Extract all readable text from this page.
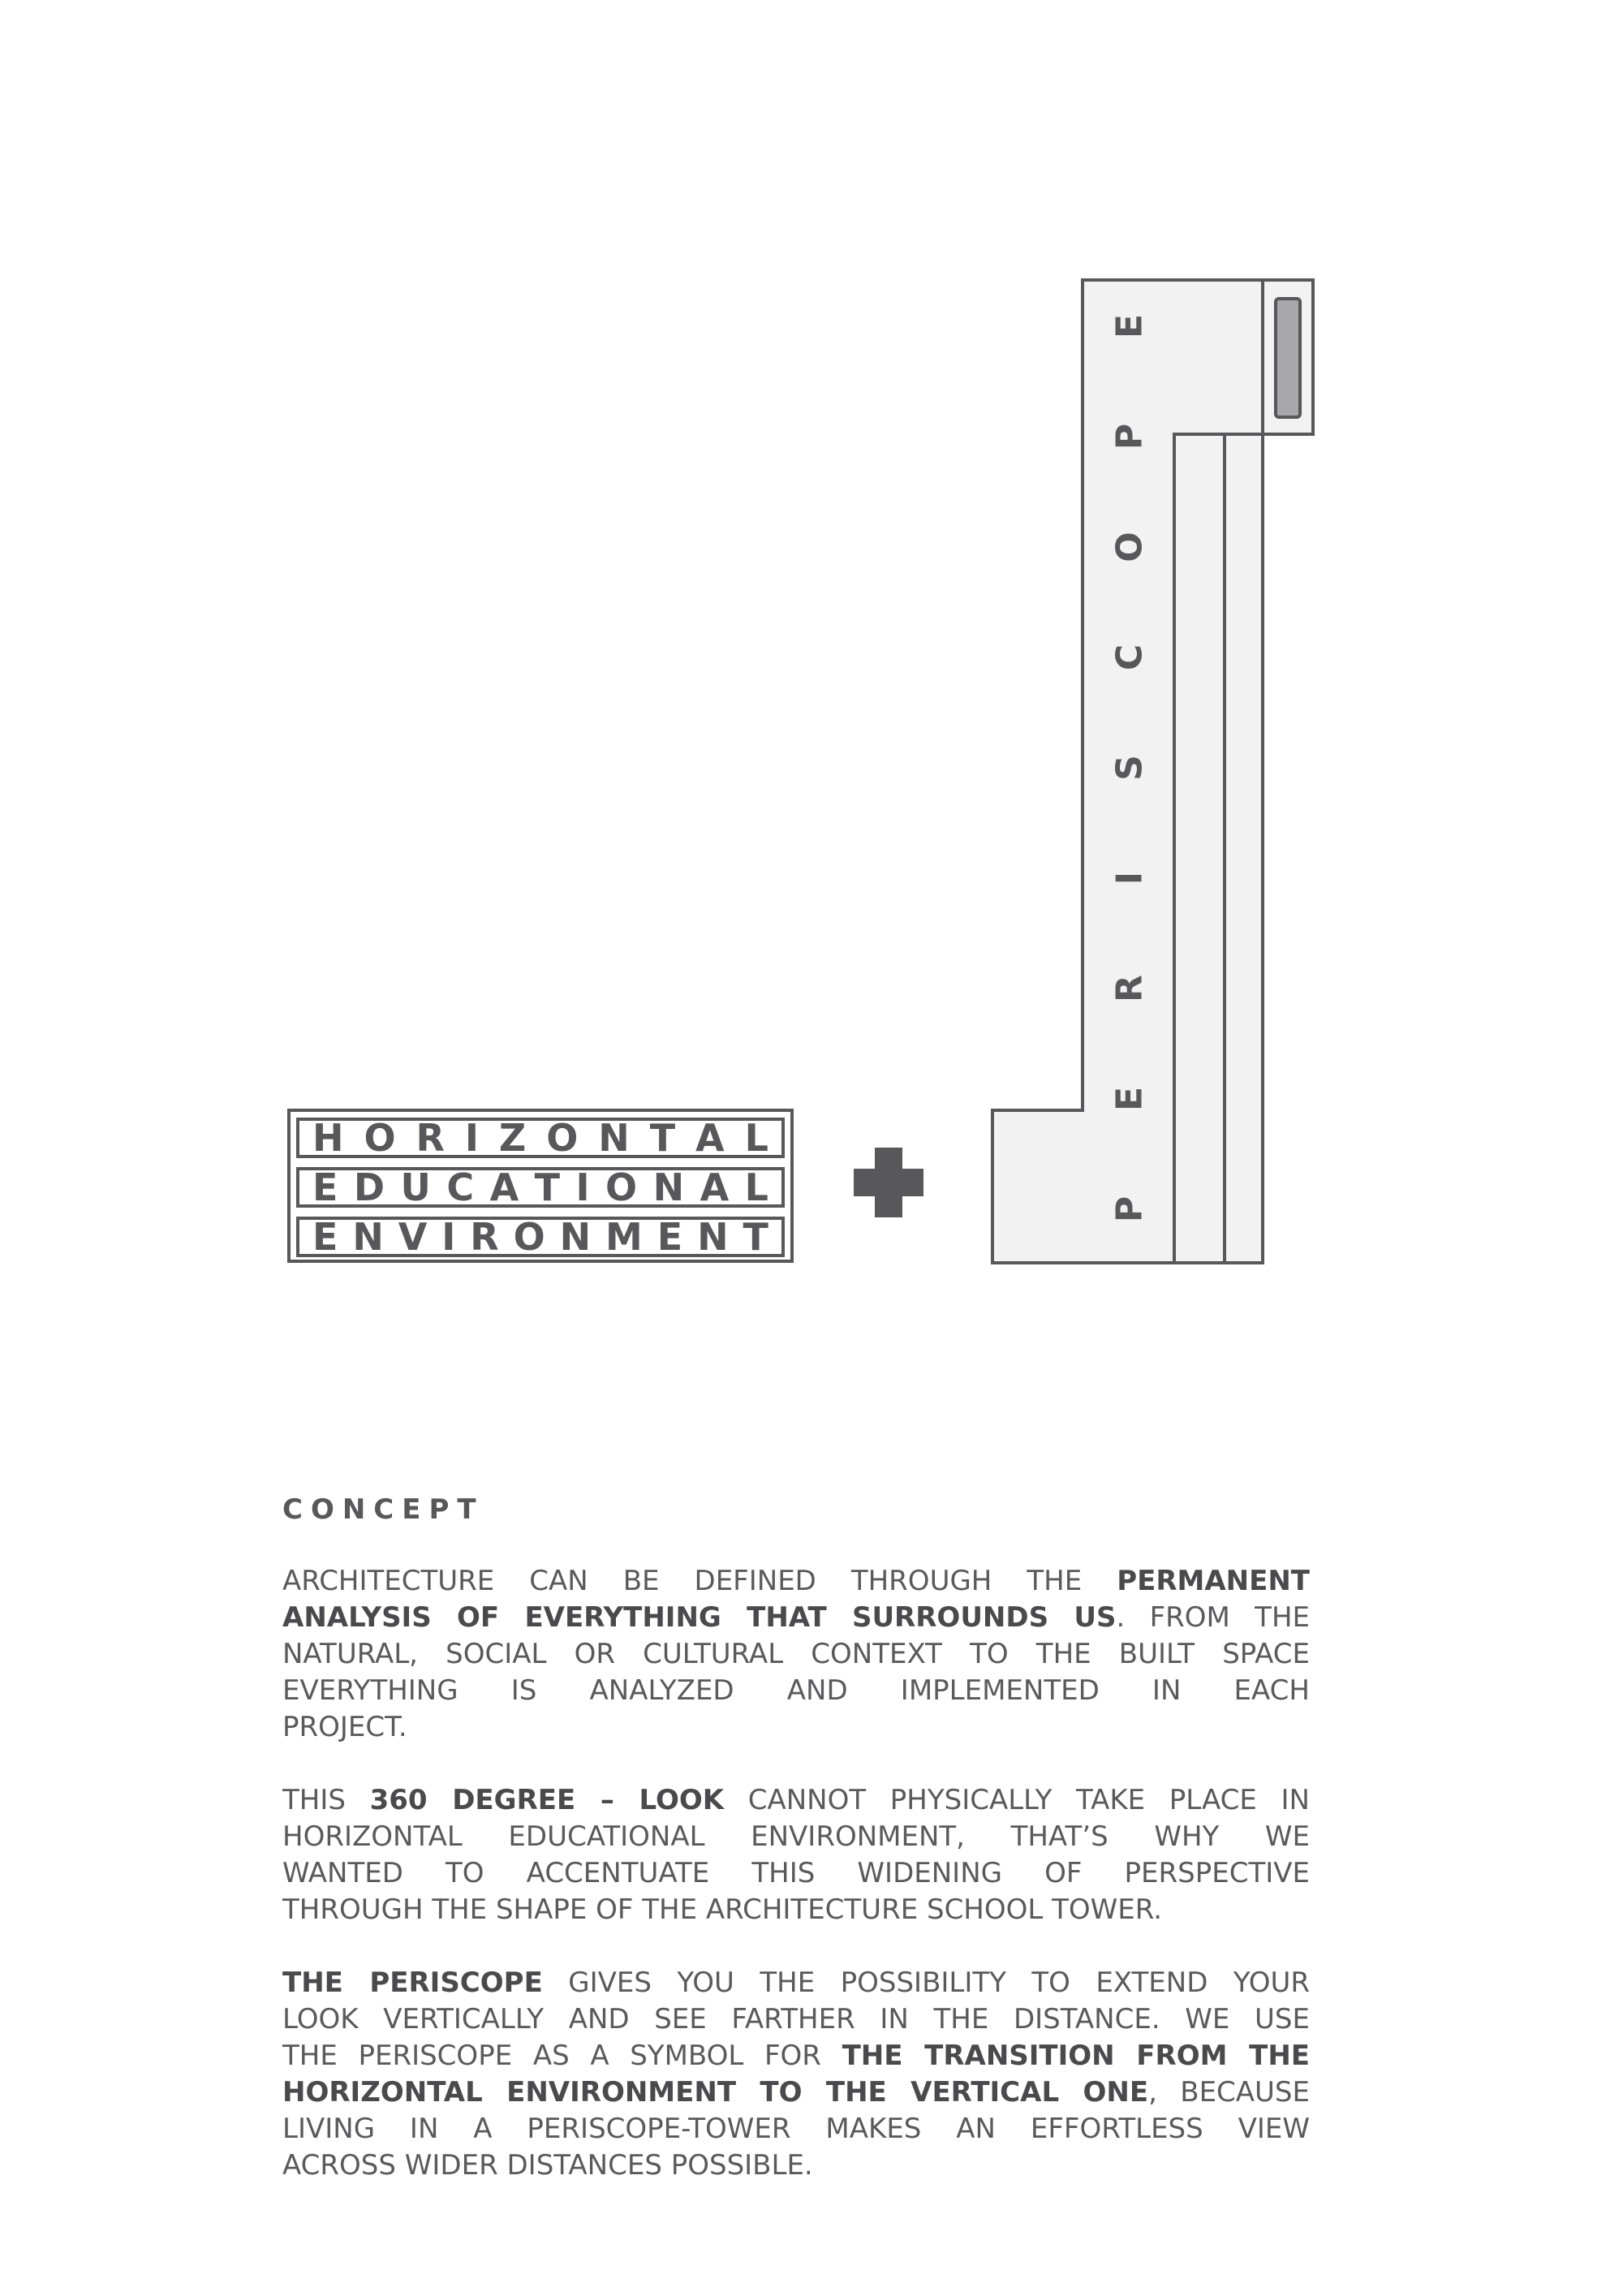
H O R I Z O N T A L
E D U C A T I O N A L
E N V I R O N M E N T
P
E
R
I
S
C
O
P
E
CONCEPT
ARCHITECTURE CAN BE DEFINED THROUGH THE PERMANENT
ANALYSIS OF EVERYTHING THAT SURROUNDS US. FROM THE
NATURAL, SOCIAL OR CULTURAL CONTEXT TO THE BUILT SPACE
EVERYTHING IS ANALYZED AND IMPLEMENTED IN EACH
PROJECT.
THIS 360 DEGREE – LOOK CANNOT PHYSICALLY TAKE PLACE IN
HORIZONTAL EDUCATIONAL ENVIRONMENT, THAT’S WHY WE
WANTED TO ACCENTUATE THIS WIDENING OF PERSPECTIVE
THROUGH THE SHAPE OF THE ARCHITECTURE SCHOOL TOWER.
THE PERISCOPE GIVES YOU THE POSSIBILITY TO EXTEND YOUR
LOOK VERTICALLY AND SEE FARTHER IN THE DISTANCE. WE USE
THE PERISCOPE AS A SYMBOL FOR THE TRANSITION FROM THE
HORIZONTAL ENVIRONMENT TO THE VERTICAL ONE, BECAUSE
LIVING IN A PERISCOPE-TOWER MAKES AN EFFORTLESS VIEW
ACROSS WIDER DISTANCES POSSIBLE.
